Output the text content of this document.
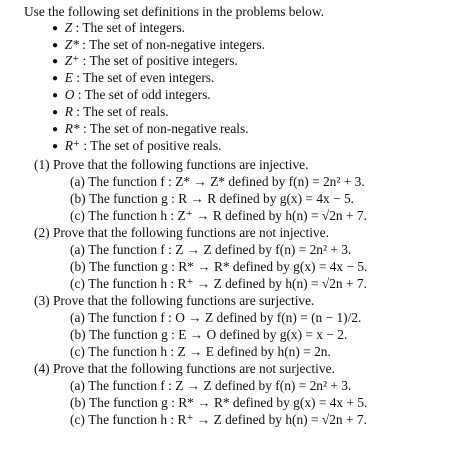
Use the following set definitions in the problems below.
● Z : The set of integers.
● Z* : The set of non-negative integers.
● Z⁺ : The set of positive integers.
● E : The set of even integers.
● O : The set of odd integers.
● R : The set of reals.
● R* : The set of non-negative reals.
● R⁺ : The set of positive reals.
(1) Prove that the following functions are injective.
(a) The function f : Z* → Z* defined by f(n) = 2n² + 3.
(b) The function g : R → R defined by g(x) = 4x − 5.
(c) The function h : Z⁺ → R defined by h(n) = √2n + 7.
(2) Prove that the following functions are not injective.
(a) The function f : Z → Z defined by f(n) = 2n² + 3.
(b) The function g : R* → R* defined by g(x) = 4x − 5.
(c) The function h : R⁺ → Z defined by h(n) = √2n + 7.
(3) Prove that the following functions are surjective.
(a) The function f : O → Z defined by f(n) = (n − 1)/2.
(b) The function g : E → O defined by g(x) = x − 2.
(c) The function h : Z → E defined by h(n) = 2n.
(4) Prove that the following functions are not surjective.
(a) The function f : Z → Z defined by f(n) = 2n² + 3.
(b) The function g : R* → R* defined by g(x) = 4x + 5.
(c) The function h : R⁺ → Z defined by h(n) = √2n + 7.
